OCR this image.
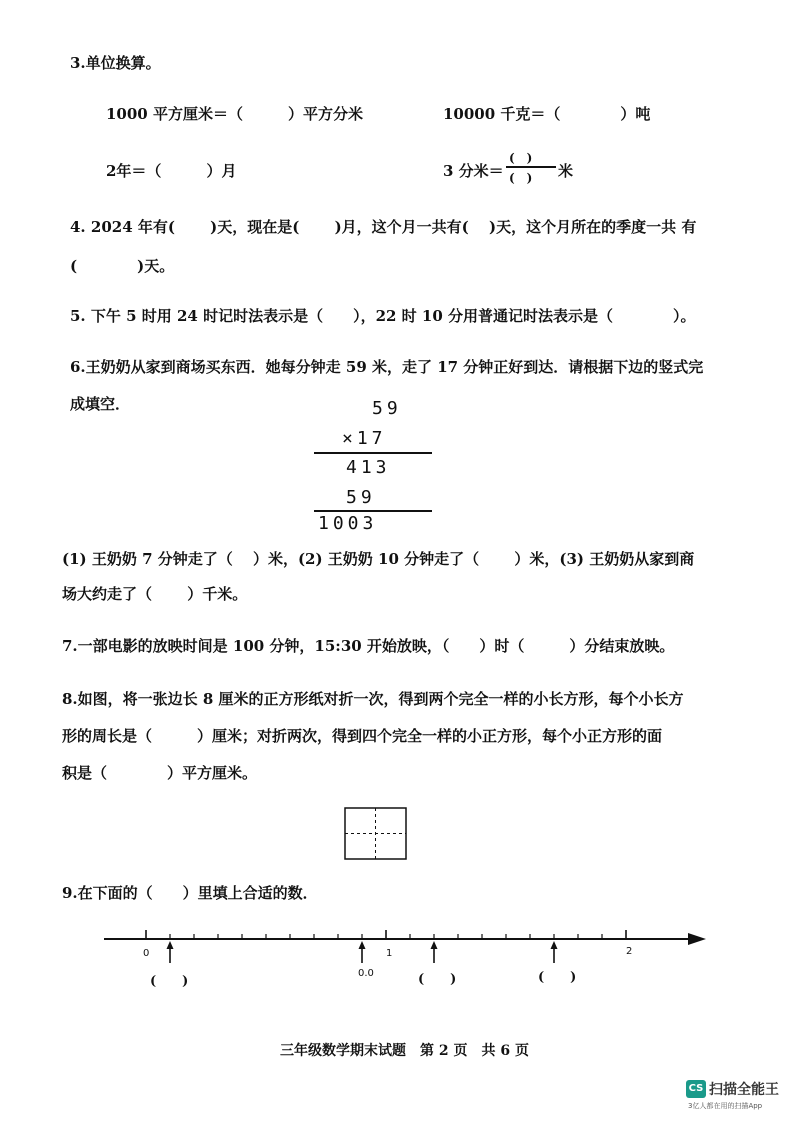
3.单位换算。
1000 平方厘米＝（　　　）平方分米	10000 千克＝（　　　　）吨
2年＝（　　　）月	3 分米＝
(　)
(　) 米
4. 2024 年有(　　 )天，现在是(　　 )月，这个月一共有(　 )天，这个月所在的季度一共 有
(　　　　)天。
5. 下午 5 时用 24 时记时法表示是（　　），22 时 10 分用普通记时法表示是（　　　　）。
6.王奶奶从家到商场买东西．她每分钟走 59 米，走了 17 分钟正好到达．请根据下边的竖式完
成填空．	59
×17
413
59
1003
(1) 王奶奶 7 分钟走了（　 ）米，(2) 王奶奶 10 分钟走了（　　 ）米，(3) 王奶奶从家到商
场大约走了（　　 ）千米。
7.一部电影的放映时间是 100 分钟，15:30 开始放映，（　　）时（　　　）分结束放映。
8.如图，将一张边长 8 厘米的正方形纸对折一次，得到两个完全一样的小长方形，每个小长方
形的周长是（　　　）厘米；对折两次，得到四个完全一样的小正方形，每个小正方形的面
积是（　　　　）平方厘米。
9.在下面的（　　）里填上合适的数．
0	1	2
0.0
(　　)	(　　)	(　　)
三年级数学期末试题　第 2 页　共 6 页
CS 扫描全能王
3亿人都在用的扫描App
